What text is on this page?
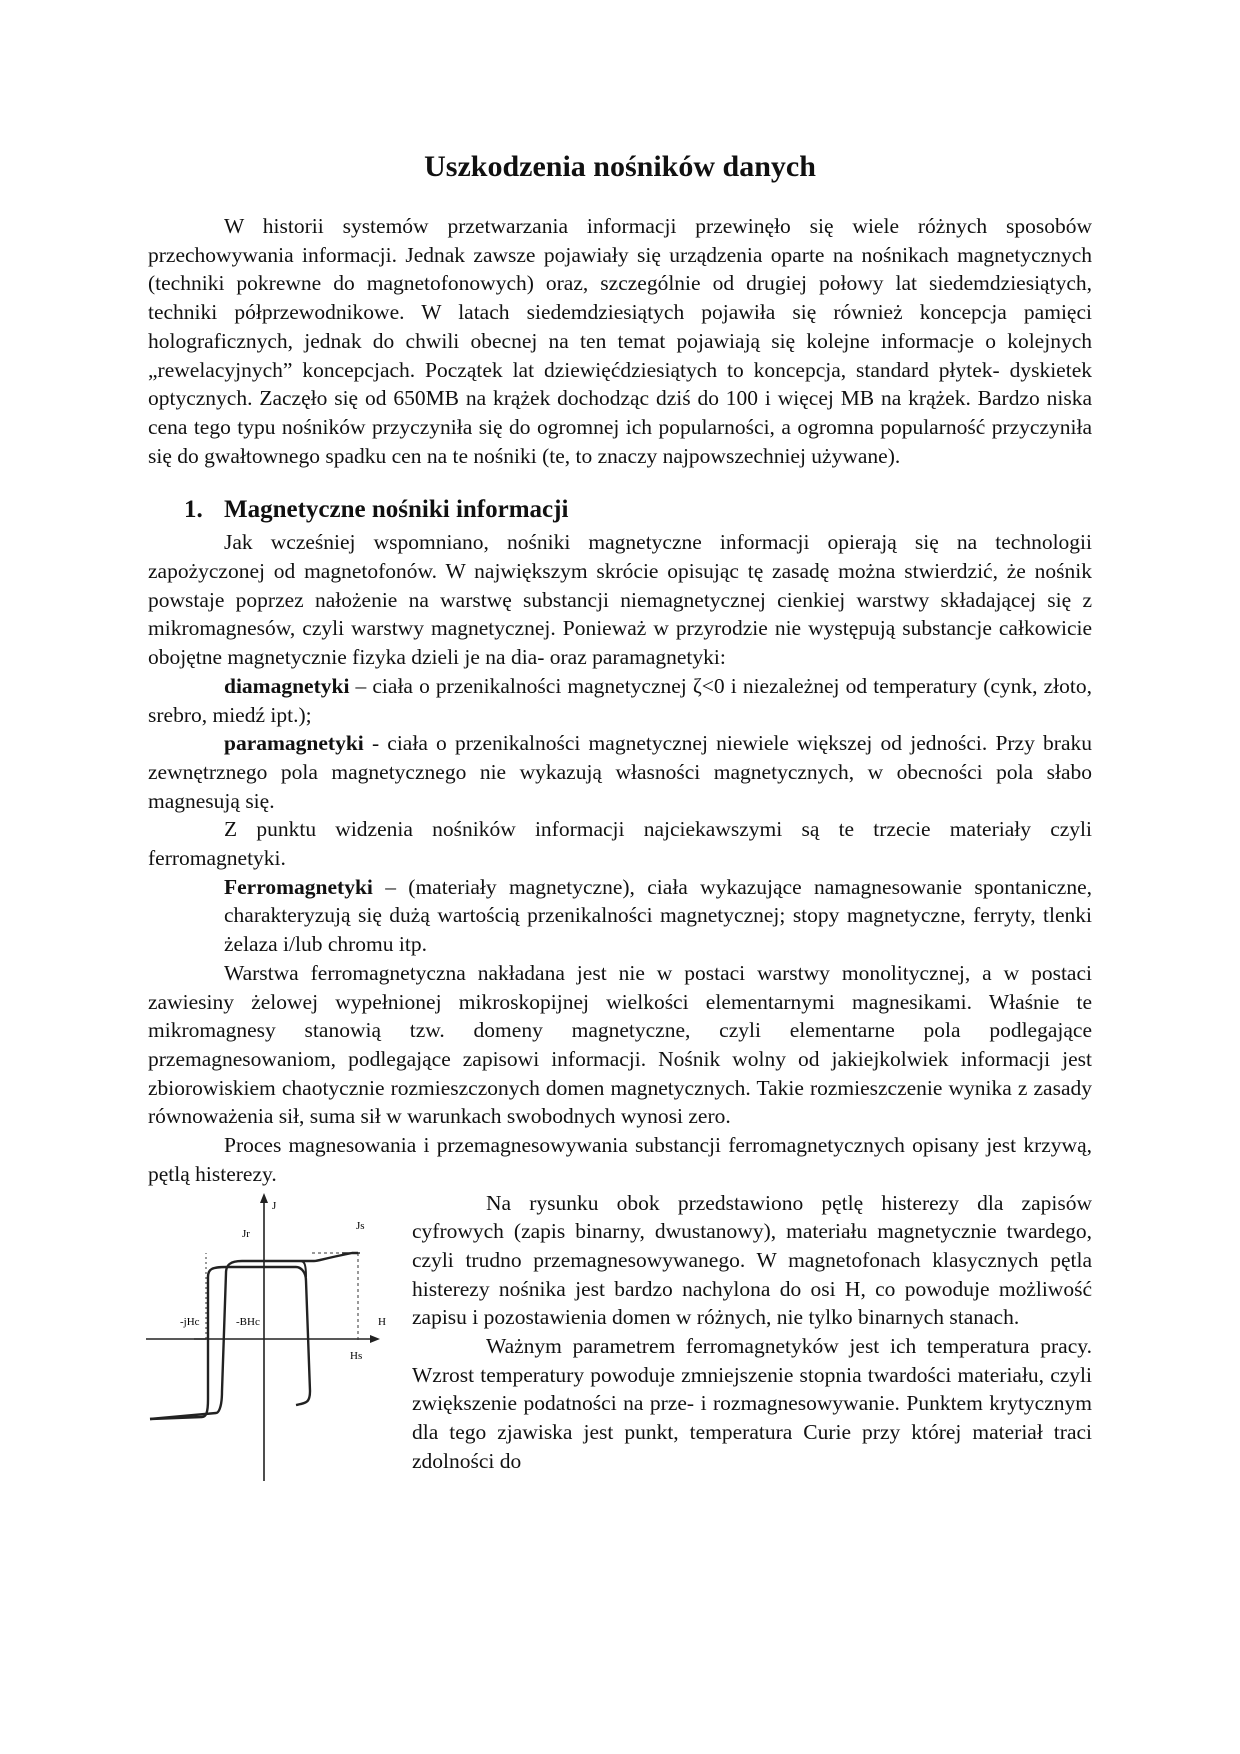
Uszkodzenia nośników danych

W historii systemów przetwarzania informacji przewinęło się wiele różnych sposobów przechowywania informacji. Jednak zawsze pojawiały się urządzenia oparte na nośnikach magnetycznych (techniki pokrewne do magnetofonowych) oraz, szczególnie od drugiej połowy lat siedemdziesiątych, techniki półprzewodnikowe. W latach siedemdziesiątych pojawiła się również koncepcja pamięci holograficznych, jednak do chwili obecnej na ten temat pojawiają się kolejne informacje o kolejnych „rewelacyjnych” koncepcjach. Początek lat dziewięćdziesiątych to koncepcja, standard płytek- dyskietek optycznych. Zaczęło się od 650MB na krążek dochodząc dziś do 100 i więcej MB na krążek. Bardzo niska cena tego typu nośników przyczyniła się do ogromnej ich popularności, a ogromna popularność przyczyniła się do gwałtownego spadku cen na te nośniki (te, to znaczy najpowszechniej używane).

1. Magnetyczne nośniki informacji

Jak wcześniej wspomniano, nośniki magnetyczne informacji opierają się na technologii zapożyczonej od magnetofonów. W największym skrócie opisując tę zasadę można stwierdzić, że nośnik powstaje poprzez nałożenie na warstwę substancji niemagnetycznej cienkiej warstwy składającej się z mikromagnesów, czyli warstwy magnetycznej. Ponieważ w przyrodzie nie występują substancje całkowicie obojętne magnetycznie fizyka dzieli je na dia- oraz paramagnetyki:

diamagnetyki – ciała o przenikalności magnetycznej ζ<0 i niezależnej od temperatury (cynk, złoto, srebro, miedź ipt.);

paramagnetyki - ciała o przenikalności magnetycznej niewiele większej od jedności. Przy braku zewnętrznego pola magnetycznego nie wykazują własności magnetycznych, w obecności pola słabo magnesują się.

Z punktu widzenia nośników informacji najciekawszymi są te trzecie materiały czyli ferromagnetyki.

Ferromagnetyki – (materiały magnetyczne), ciała wykazujące namagnesowanie spontaniczne, charakteryzują się dużą wartością przenikalności magnetycznej; stopy magnetyczne, ferryty, tlenki żelaza i/lub chromu itp.

Warstwa ferromagnetyczna nakładana jest nie w postaci warstwy monolitycznej, a w postaci zawiesiny żelowej wypełnionej mikroskopijnej wielkości elementarnymi magnesikami. Właśnie te mikromagnesy stanowią tzw. domeny magnetyczne, czyli elementarne pola podlegające przemagnesowaniom, podlegające zapisowi informacji. Nośnik wolny od jakiejkolwiek informacji jest zbiorowiskiem chaotycznie rozmieszczonych domen magnetycznych. Takie rozmieszczenie wynika z zasady równoważenia sił, suma sił w warunkach swobodnych wynosi zero.

Proces magnesowania i przemagnesowywania substancji ferromagnetycznych opisany jest krzywą, pętlą histerezy.

J
Jr
Js
H
Hs
-jHc	-BHc

Na rysunku obok przedstawiono pętlę histerezy dla zapisów cyfrowych (zapis binarny, dwustanowy), materiału magnetycznie twardego, czyli trudno przemagnesowywanego. W magnetofonach klasycznych pętla histerezy nośnika jest bardzo nachylona do osi H, co powoduje możliwość zapisu i pozostawienia domen w różnych, nie tylko binarnych stanach.

Ważnym parametrem ferromagnetyków jest ich temperatura pracy. Wzrost temperatury powoduje zmniejszenie stopnia twardości materiału, czyli zwiększenie podatności na prze- i rozmagnesowywanie. Punktem krytycznym dla tego zjawiska jest punkt, temperatura Curie przy której materiał traci zdolności do
